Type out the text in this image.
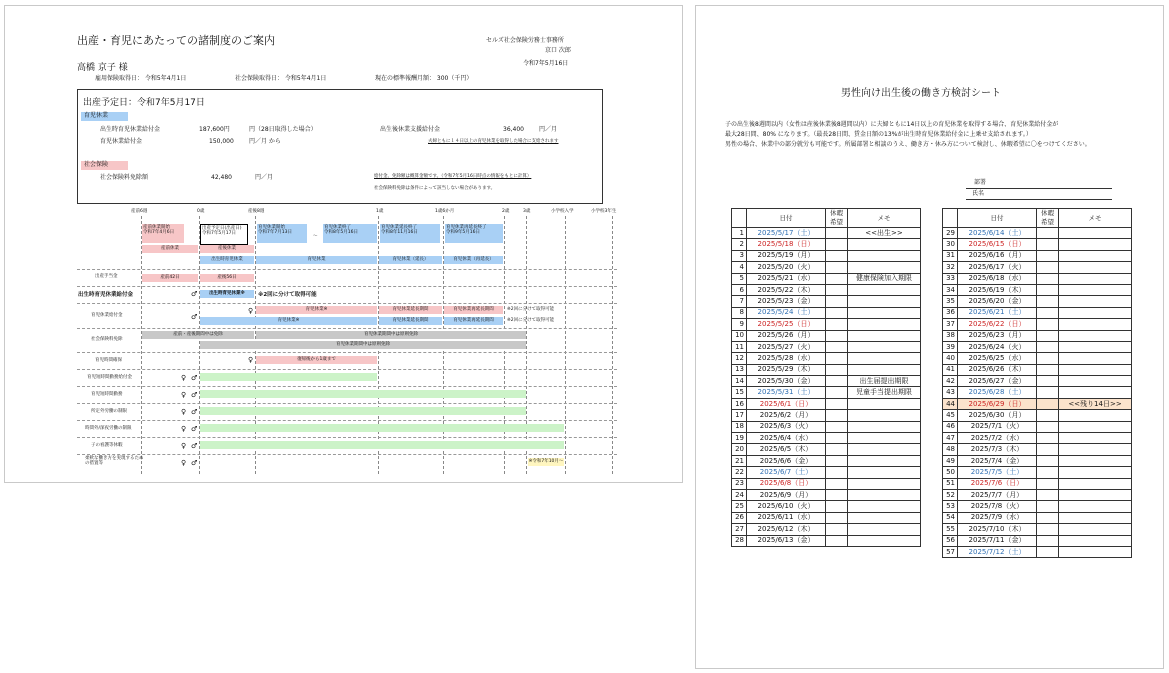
出産・育児にあたっての諸制度のご案内	セルズ社会保険労務士事務所
京口 次郎
令和7年5月16日
高橋 京子 様
雇用保険取得日： 令和5年4月1日	社会保険取得日： 令和5年4月1日	現在の標準報酬月額： 300（千円）
出産予定日：令和7年5月17日
育児休業
出生時育児休業給付金	187,600円	円（28日取得した場合）
育児休業給付金	150,000	円／月 から
出生後休業支援給付金	36,400	円／月
夫婦ともに１４日以上の育児休業を取得した場合に支給されます
社会保険
社会保険料免除額	42,480	円／月	給付金、免除額は概算金額です。（令和7年5月16日時点の情報をもとに計算）
社会保険料免除は条件によって該当しない場合があります。
産前6週	0歳	産後8週	1歳	1歳6か月	2歳	3歳	小学校入学	小学校3年生
産前休業開始
令和7年4月6日
出産予定日(出産日)
令和7年5月17日
育児休業開始
令和7年7月13日
～
育児休業終了
令和8年5月16日
育児休業延長終了
令和8年11月16日
育児休業再延長終了
令和9年5月16日
産前休業	産後休業
出生時育児休業	育児休業	育児休業（延長）	育児休業（再延長）
出産手当金
出生時育児休業給付金
育児休業給付金
社会保険料免除
育児時間確保
育児短時間勤務給付金
育児短時間勤務
所定外労働の制限
時間外/深夜労働の制限
子の看護等休暇
柔軟な働き方を実現するための措置等
♂
♀
♂
♀
♀ ♂
♀ ♂
♀ ♂
♀ ♂
♀ ♂
♀ ♂
産前42日	産後56日
出生時育児休業※	※2回に分けて取得可能
育児休業※	育児休業延長期間	育児休業再延長期間	※2回に分けて取得可能
育児休業※	育児休業延長期間	育児休業再延長期間	※2回に分けて取得可能
産前・産後期間中は免除	育児休業期間中は原則免除
育児休業期間中は原則免除
復帰後から1歳まで
※令和7年10月～
男性向け出生後の働き方検討シート
子の出生後8週間以内（女性は産後休業後8週間以内）に夫婦ともに14日以上の育児休業を取得する場合、育児休業給付金が
最大28日間、80% になります。（最長28日間、賃金日額の13%が出生時育児休業給付金に上乗せ支給されます。）
男性の場合、休業中の部分就労も可能です。所属部署と相談のうえ、働き方・休み方について検討し、休暇希望に〇をつけてください。
部署
氏名
	日付	休暇希望	メモ
1	2025/5/17（土）		<<出生>>
2	2025/5/18（日）		
3	2025/5/19（月）		
4	2025/5/20（火）		
5	2025/5/21（水）		健康保険加入期限
6	2025/5/22（木）		
7	2025/5/23（金）		
8	2025/5/24（土）		
9	2025/5/25（日）		
10	2025/5/26（月）		
11	2025/5/27（火）		
12	2025/5/28（水）		
13	2025/5/29（木）		
14	2025/5/30（金）		出生届提出期限
15	2025/5/31（土）		児童手当提出期限
16	2025/6/1（日）		
17	2025/6/2（月）		
18	2025/6/3（火）		
19	2025/6/4（水）		
20	2025/6/5（木）		
21	2025/6/6（金）		
22	2025/6/7（土）		
23	2025/6/8（日）		
24	2025/6/9（月）		
25	2025/6/10（火）		
26	2025/6/11（水）		
27	2025/6/12（木）		
28	2025/6/13（金）		
	日付	休暇希望	メモ
29	2025/6/14（土）		
30	2025/6/15（日）		
31	2025/6/16（月）		
32	2025/6/17（火）		
33	2025/6/18（水）		
34	2025/6/19（木）		
35	2025/6/20（金）		
36	2025/6/21（土）		
37	2025/6/22（日）		
38	2025/6/23（月）		
39	2025/6/24（火）		
40	2025/6/25（水）		
41	2025/6/26（木）		
42	2025/6/27（金）		
43	2025/6/28（土）		
44	2025/6/29（日）		<<残り14日>>
45	2025/6/30（月）		
46	2025/7/1（火）		
47	2025/7/2（水）		
48	2025/7/3（木）		
49	2025/7/4（金）		
50	2025/7/5（土）		
51	2025/7/6（日）		
52	2025/7/7（月）		
53	2025/7/8（火）		
54	2025/7/9（水）		
55	2025/7/10（木）		
56	2025/7/11（金）		
57	2025/7/12（土）		
